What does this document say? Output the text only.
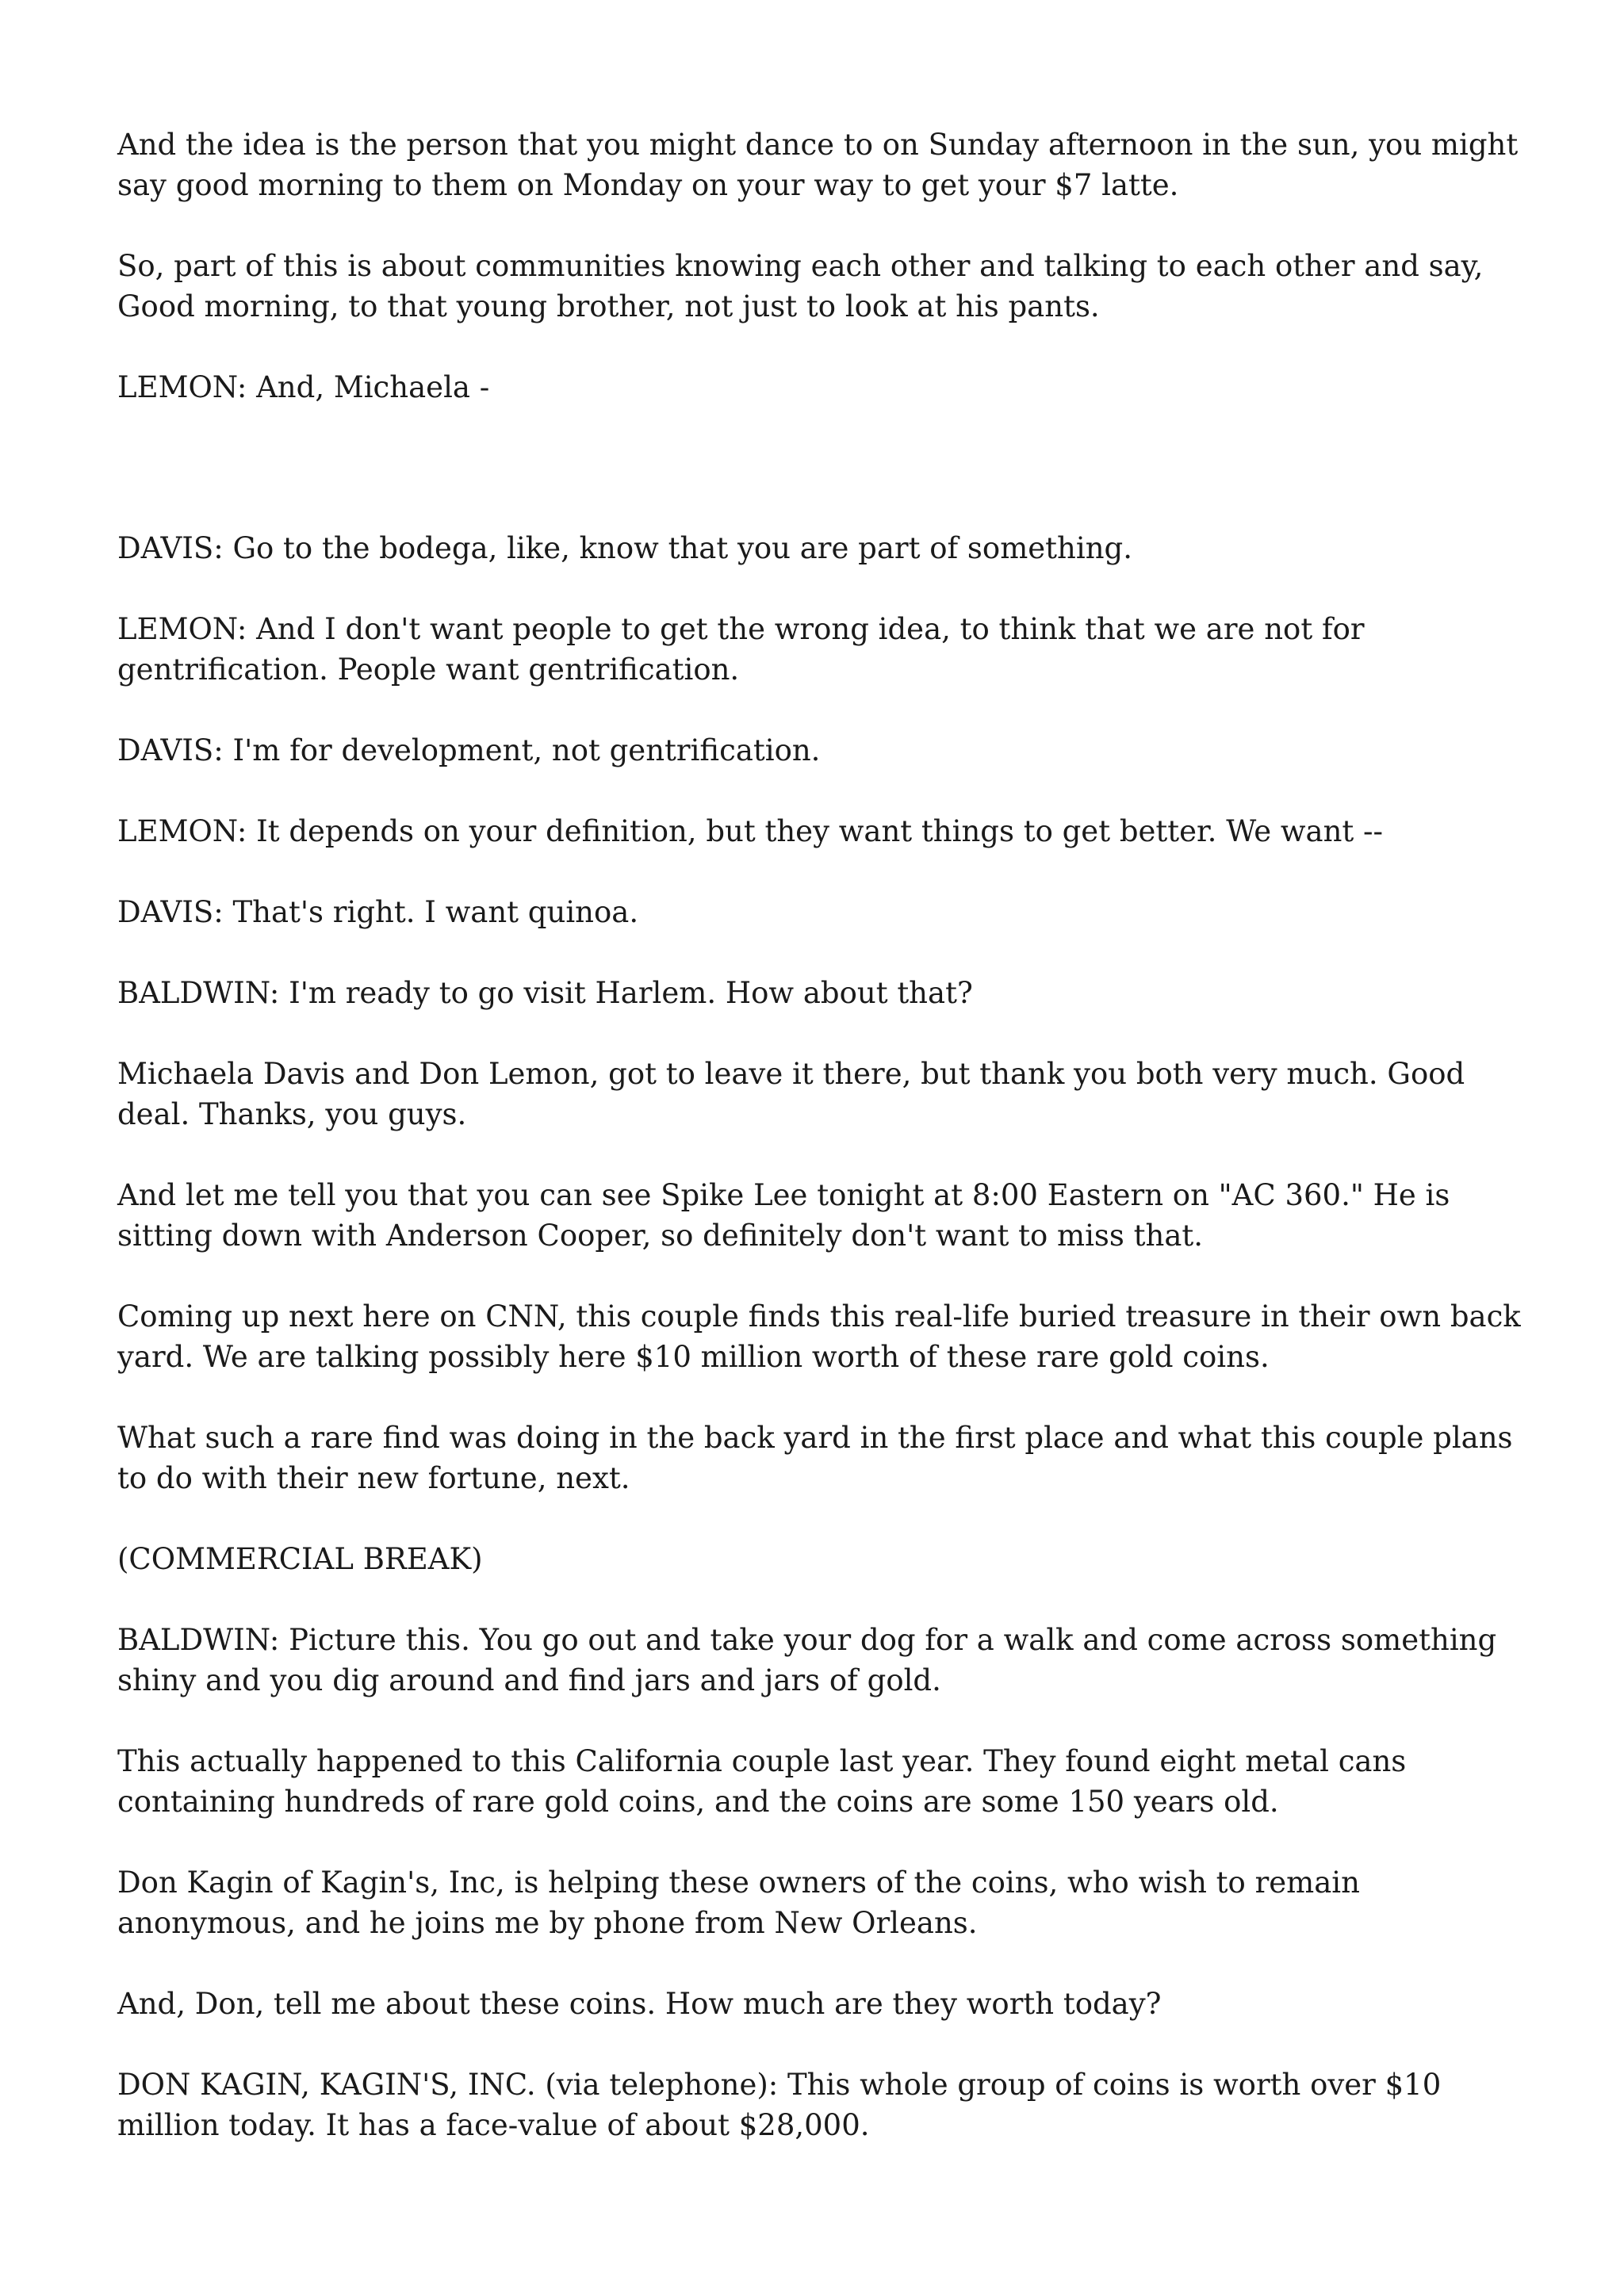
And the idea is the person that you might dance to on Sunday afternoon in the sun, you might say good morning to them on Monday on your way to get your $7 latte.

So, part of this is about communities knowing each other and talking to each other and say, Good morning, to that young brother, not just to look at his pants.

LEMON: And, Michaela -

DAVIS: Go to the bodega, like, know that you are part of something.

LEMON: And I don't want people to get the wrong idea, to think that we are not for gentrification. People want gentrification.

DAVIS: I'm for development, not gentrification.

LEMON: It depends on your definition, but they want things to get better. We want --

DAVIS: That's right. I want quinoa.

BALDWIN: I'm ready to go visit Harlem. How about that?

Michaela Davis and Don Lemon, got to leave it there, but thank you both very much. Good deal. Thanks, you guys.

And let me tell you that you can see Spike Lee tonight at 8:00 Eastern on "AC 360." He is sitting down with Anderson Cooper, so definitely don't want to miss that.

Coming up next here on CNN, this couple finds this real-life buried treasure in their own back yard. We are talking possibly here $10 million worth of these rare gold coins.

What such a rare find was doing in the back yard in the first place and what this couple plans to do with their new fortune, next.

(COMMERCIAL BREAK)

BALDWIN: Picture this. You go out and take your dog for a walk and come across something shiny and you dig around and find jars and jars of gold.

This actually happened to this California couple last year. They found eight metal cans containing hundreds of rare gold coins, and the coins are some 150 years old.

Don Kagin of Kagin's, Inc, is helping these owners of the coins, who wish to remain anonymous, and he joins me by phone from New Orleans.

And, Don, tell me about these coins. How much are they worth today?

DON KAGIN, KAGIN'S, INC. (via telephone): This whole group of coins is worth over $10 million today. It has a face-value of about $28,000.
